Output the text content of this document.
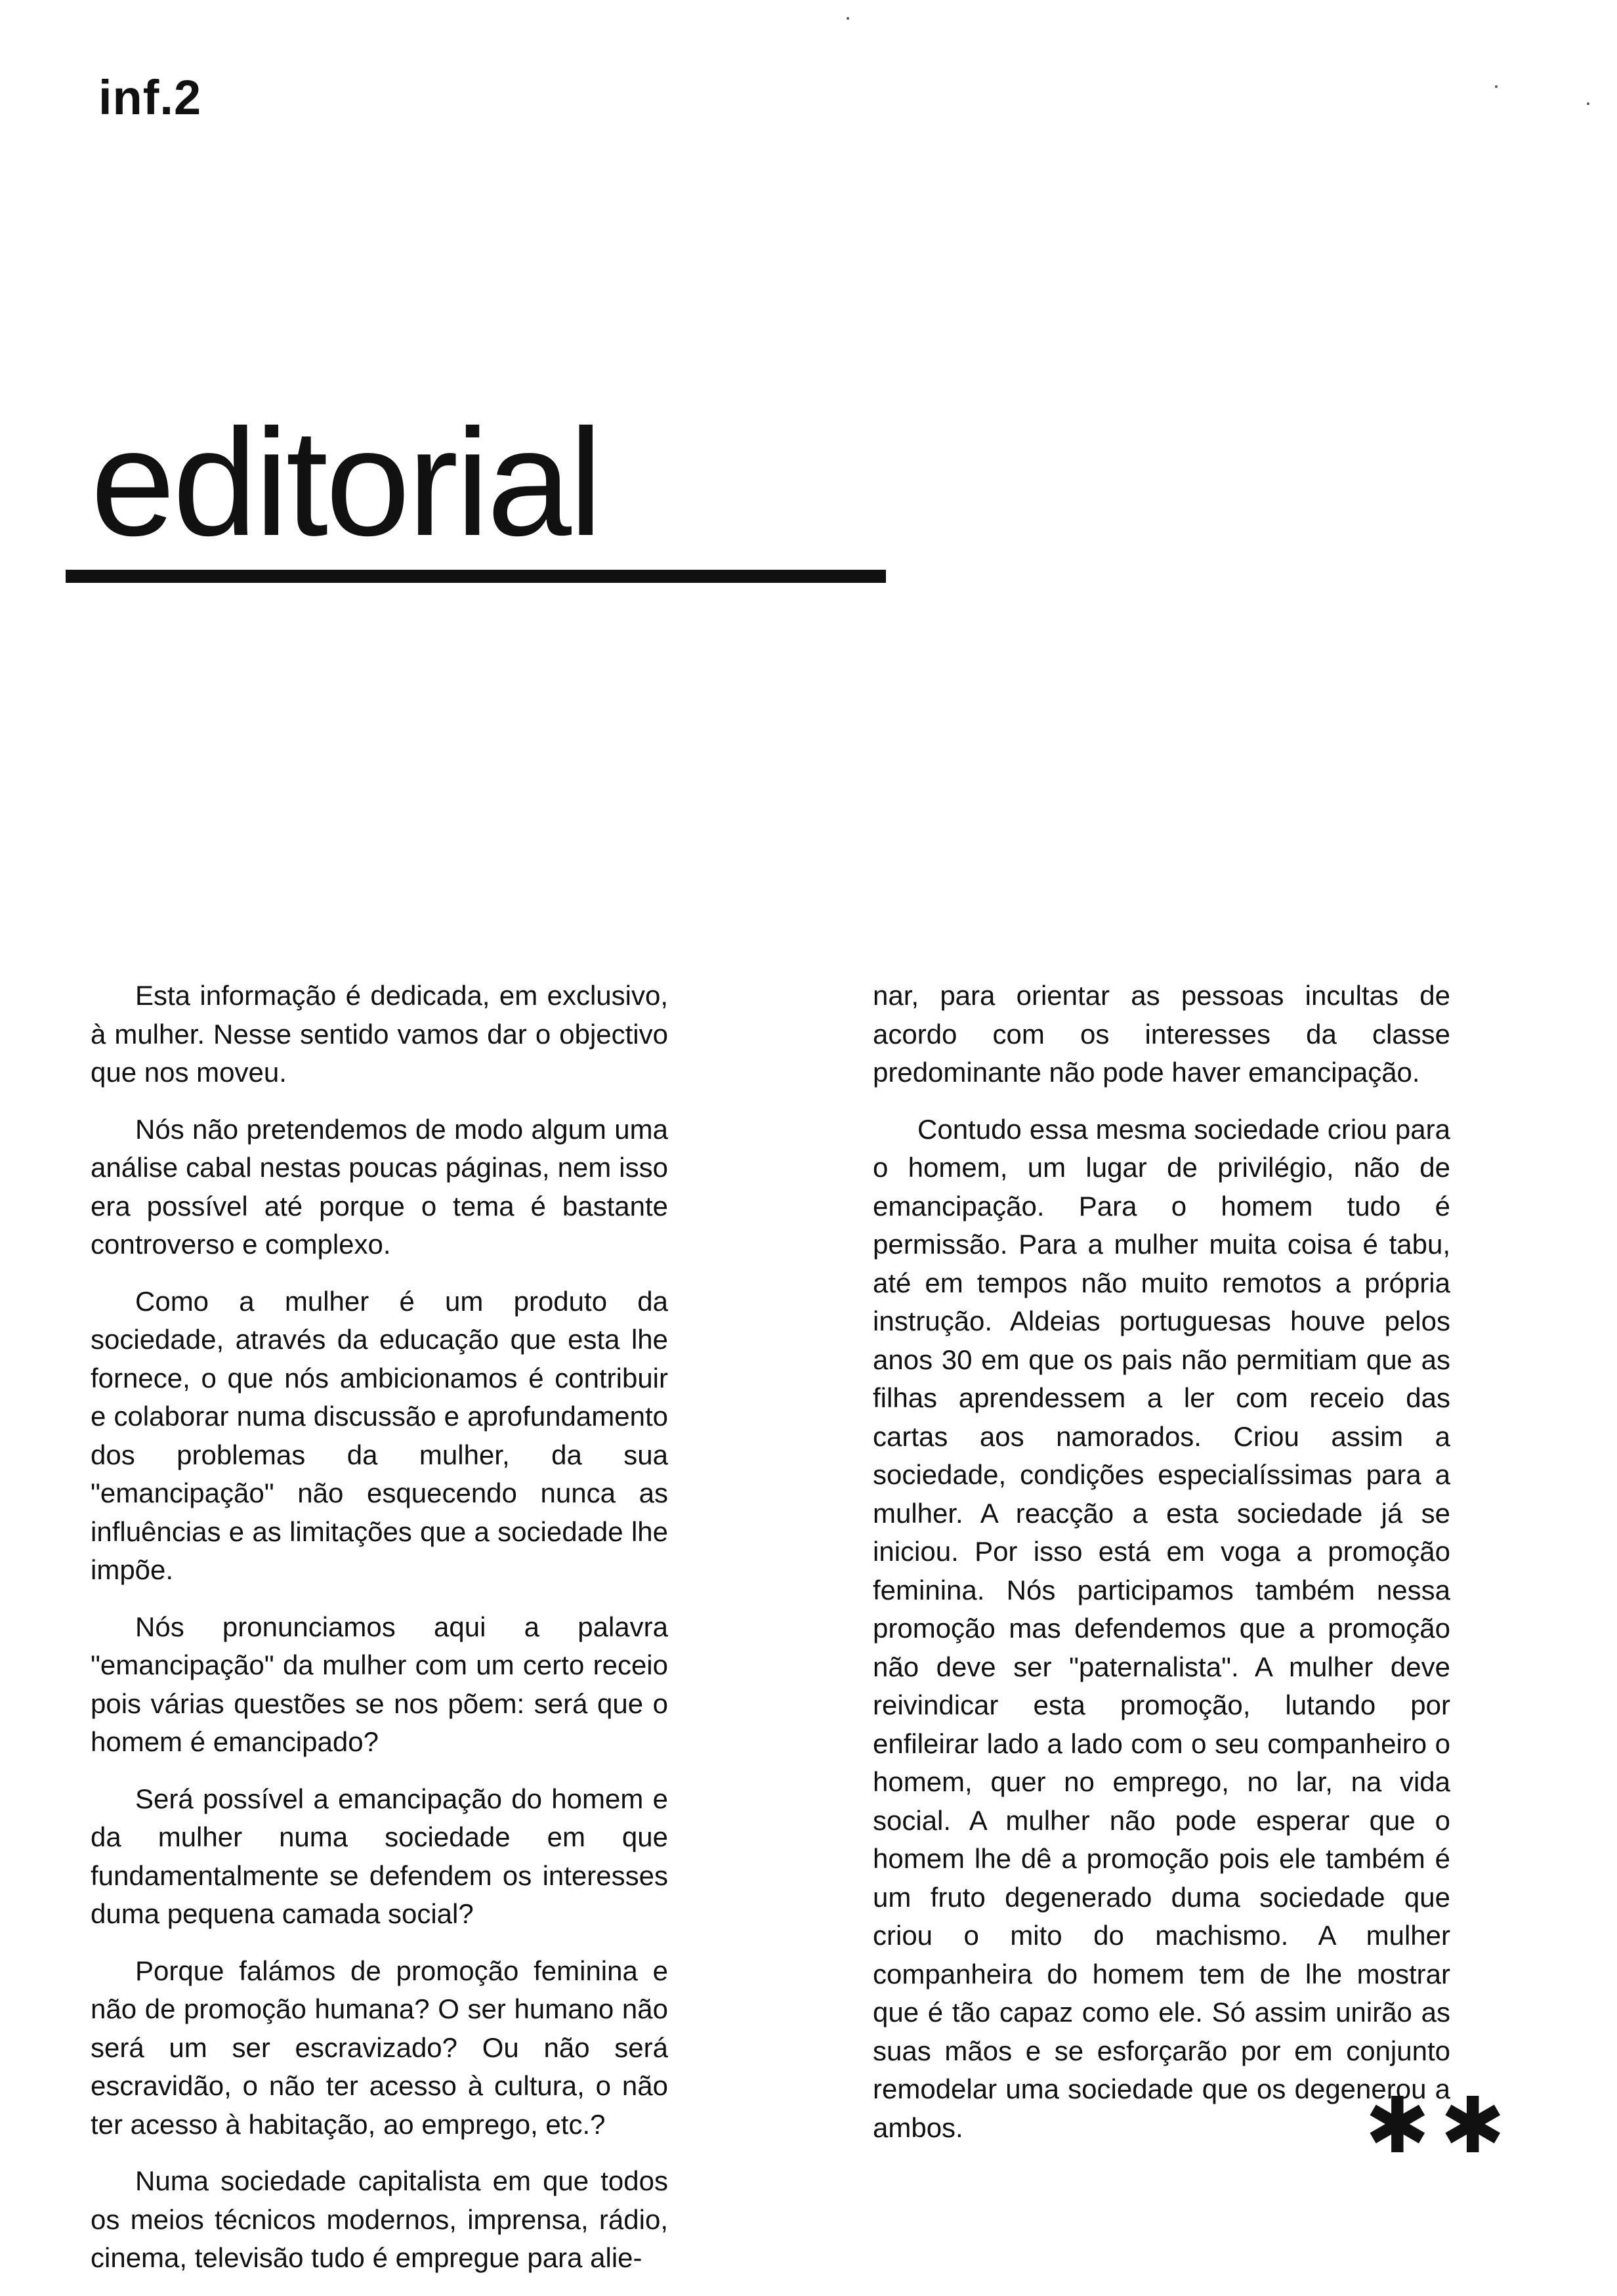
inf.2
editorial

Esta informação é dedicada, em exclusivo, à mulher. Nesse sentido vamos dar o objectivo que nos moveu.

Nós não pretendemos de modo algum uma análise cabal nestas poucas páginas, nem isso era possível até porque o tema é bastante controverso e complexo.

Como a mulher é um produto da sociedade, através da educação que esta lhe fornece, o que nós ambicionamos é contribuir e colaborar numa discussão e aprofundamento dos problemas da mulher, da sua "emancipação" não esquecendo nunca as influências e as limitações que a sociedade lhe impõe.

Nós pronunciamos aqui a palavra "emancipação" da mulher com um certo receio pois várias questões se nos põem: será que o homem é emancipado?

Será possível a emancipação do homem e da mulher numa sociedade em que fundamentalmente se defendem os interesses duma pequena camada social?

Porque falámos de promoção feminina e não de promoção humana? O ser humano não será um ser escravizado? Ou não será escravidão, o não ter acesso à cultura, o não ter acesso à habitação, ao emprego, etc.?

Numa sociedade capitalista em que todos os meios técnicos modernos, imprensa, rádio, cinema, televisão tudo é empregue para alie-

nar, para orientar as pessoas incultas de acordo com os interesses da classe predominante não pode haver emancipação.

Contudo essa mesma sociedade criou para o homem, um lugar de privilégio, não de emancipação. Para o homem tudo é permissão. Para a mulher muita coisa é tabu, até em tempos não muito remotos a própria instrução. Aldeias portuguesas houve pelos anos 30 em que os pais não permitiam que as filhas aprendessem a ler com receio das cartas aos namorados. Criou assim a sociedade, condições especialíssimas para a mulher. A reacção a esta sociedade já se iniciou. Por isso está em voga a promoção feminina. Nós participamos também nessa promoção mas defendemos que a promoção não deve ser "paternalista". A mulher deve reivindicar esta promoção, lutando por enfileirar lado a lado com o seu companheiro o homem, quer no emprego, no lar, na vida social. A mulher não pode esperar que o homem lhe dê a promoção pois ele também é um fruto degenerado duma sociedade que criou o mito do machismo. A mulher companheira do homem tem de lhe mostrar que é tão capaz como ele. Só assim unirão as suas mãos e se esforçarão por em conjunto remodelar uma sociedade que os degenerou a ambos.	✱✱
